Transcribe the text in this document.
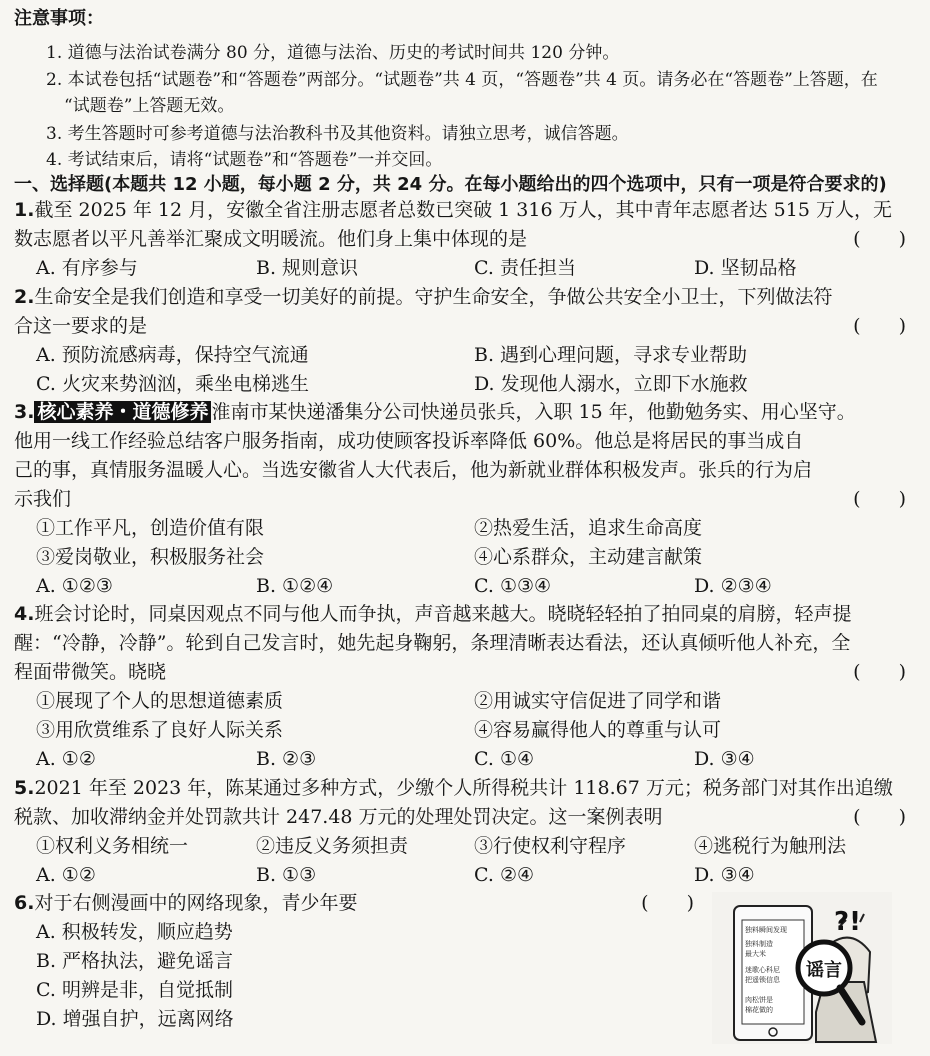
注意事项：
1. 道德与法治试卷满分 80 分，道德与法治、历史的考试时间共 120 分钟。
2. 本试卷包括“试题卷”和“答题卷”两部分。“试题卷”共 4 页，“答题卷”共 4 页。请务必在“答题卷”上答题，在
“试题卷”上答题无效。
3. 考生答题时可参考道德与法治教科书及其他资料。请独立思考，诚信答题。
4. 考试结束后，请将“试题卷”和“答题卷”一并交回。
一、选择题(本题共 12 小题，每小题 2 分，共 24 分。在每小题给出的四个选项中，只有一项是符合要求的)
1.截至 2025 年 12 月，安徽全省注册志愿者总数已突破 1 316 万人，其中青年志愿者达 515 万人，无
数志愿者以平凡善举汇聚成文明暖流。他们身上集中体现的是	(　　)
A. 有序参与	B. 规则意识	C. 责任担当	D. 坚韧品格
2.生命安全是我们创造和享受一切美好的前提。守护生命安全，争做公共安全小卫士，下列做法符
合这一要求的是	(　　)
A. 预防流感病毒，保持空气流通	B. 遇到心理问题，寻求专业帮助
C. 火灾来势汹汹，乘坐电梯逃生	D. 发现他人溺水，立即下水施救
3. 核心素养・道德修养 淮南市某快递潘集分公司快递员张兵，入职 15 年，他勤勉务实、用心坚守。
他用一线工作经验总结客户服务指南，成功使顾客投诉率降低 60%。他总是将居民的事当成自
己的事，真情服务温暖人心。当选安徽省人大代表后，他为新就业群体积极发声。张兵的行为启
示我们	(　　)
①工作平凡，创造价值有限	②热爱生活，追求生命高度
③爱岗敬业，积极服务社会	④心系群众，主动建言献策
A. ①②③	B. ①②④	C. ①③④	D. ②③④
4.班会讨论时，同桌因观点不同与他人而争执，声音越来越大。晓晓轻轻拍了拍同桌的肩膀，轻声提
醒：“冷静，冷静”。轮到自己发言时，她先起身鞠躬，条理清晰表达看法，还认真倾听他人补充，全
程面带微笑。晓晓	(　　)
①展现了个人的思想道德素质	②用诚实守信促进了同学和谐
③用欣赏维系了良好人际关系	④容易赢得他人的尊重与认可
A. ①②	B. ②③	C. ①④	D. ③④
5.2021 年至 2023 年，陈某通过多种方式，少缴个人所得税共计 118.67 万元；税务部门对其作出追缴
税款、加收滞纳金并处罚款共计 247.48 万元的处理处罚决定。这一案例表明	(　　)
①权利义务相统一	②违反义务须担责	③行使权利守程序	④逃税行为触刑法
A. ①②	B. ①③	C. ②④	D. ③④
6.对于右侧漫画中的网络现象，青少年要	(　　)
A. 积极转发，顺应趋势
B. 严格执法，避免谣言
C. 明辨是非，自觉抵制
D. 增强自护，远离网络
独料瞬间发现
独料制造
最大米
迷歌心科尼
把遥锁信息
肉松饼是
棉花做的
谣言
?!
